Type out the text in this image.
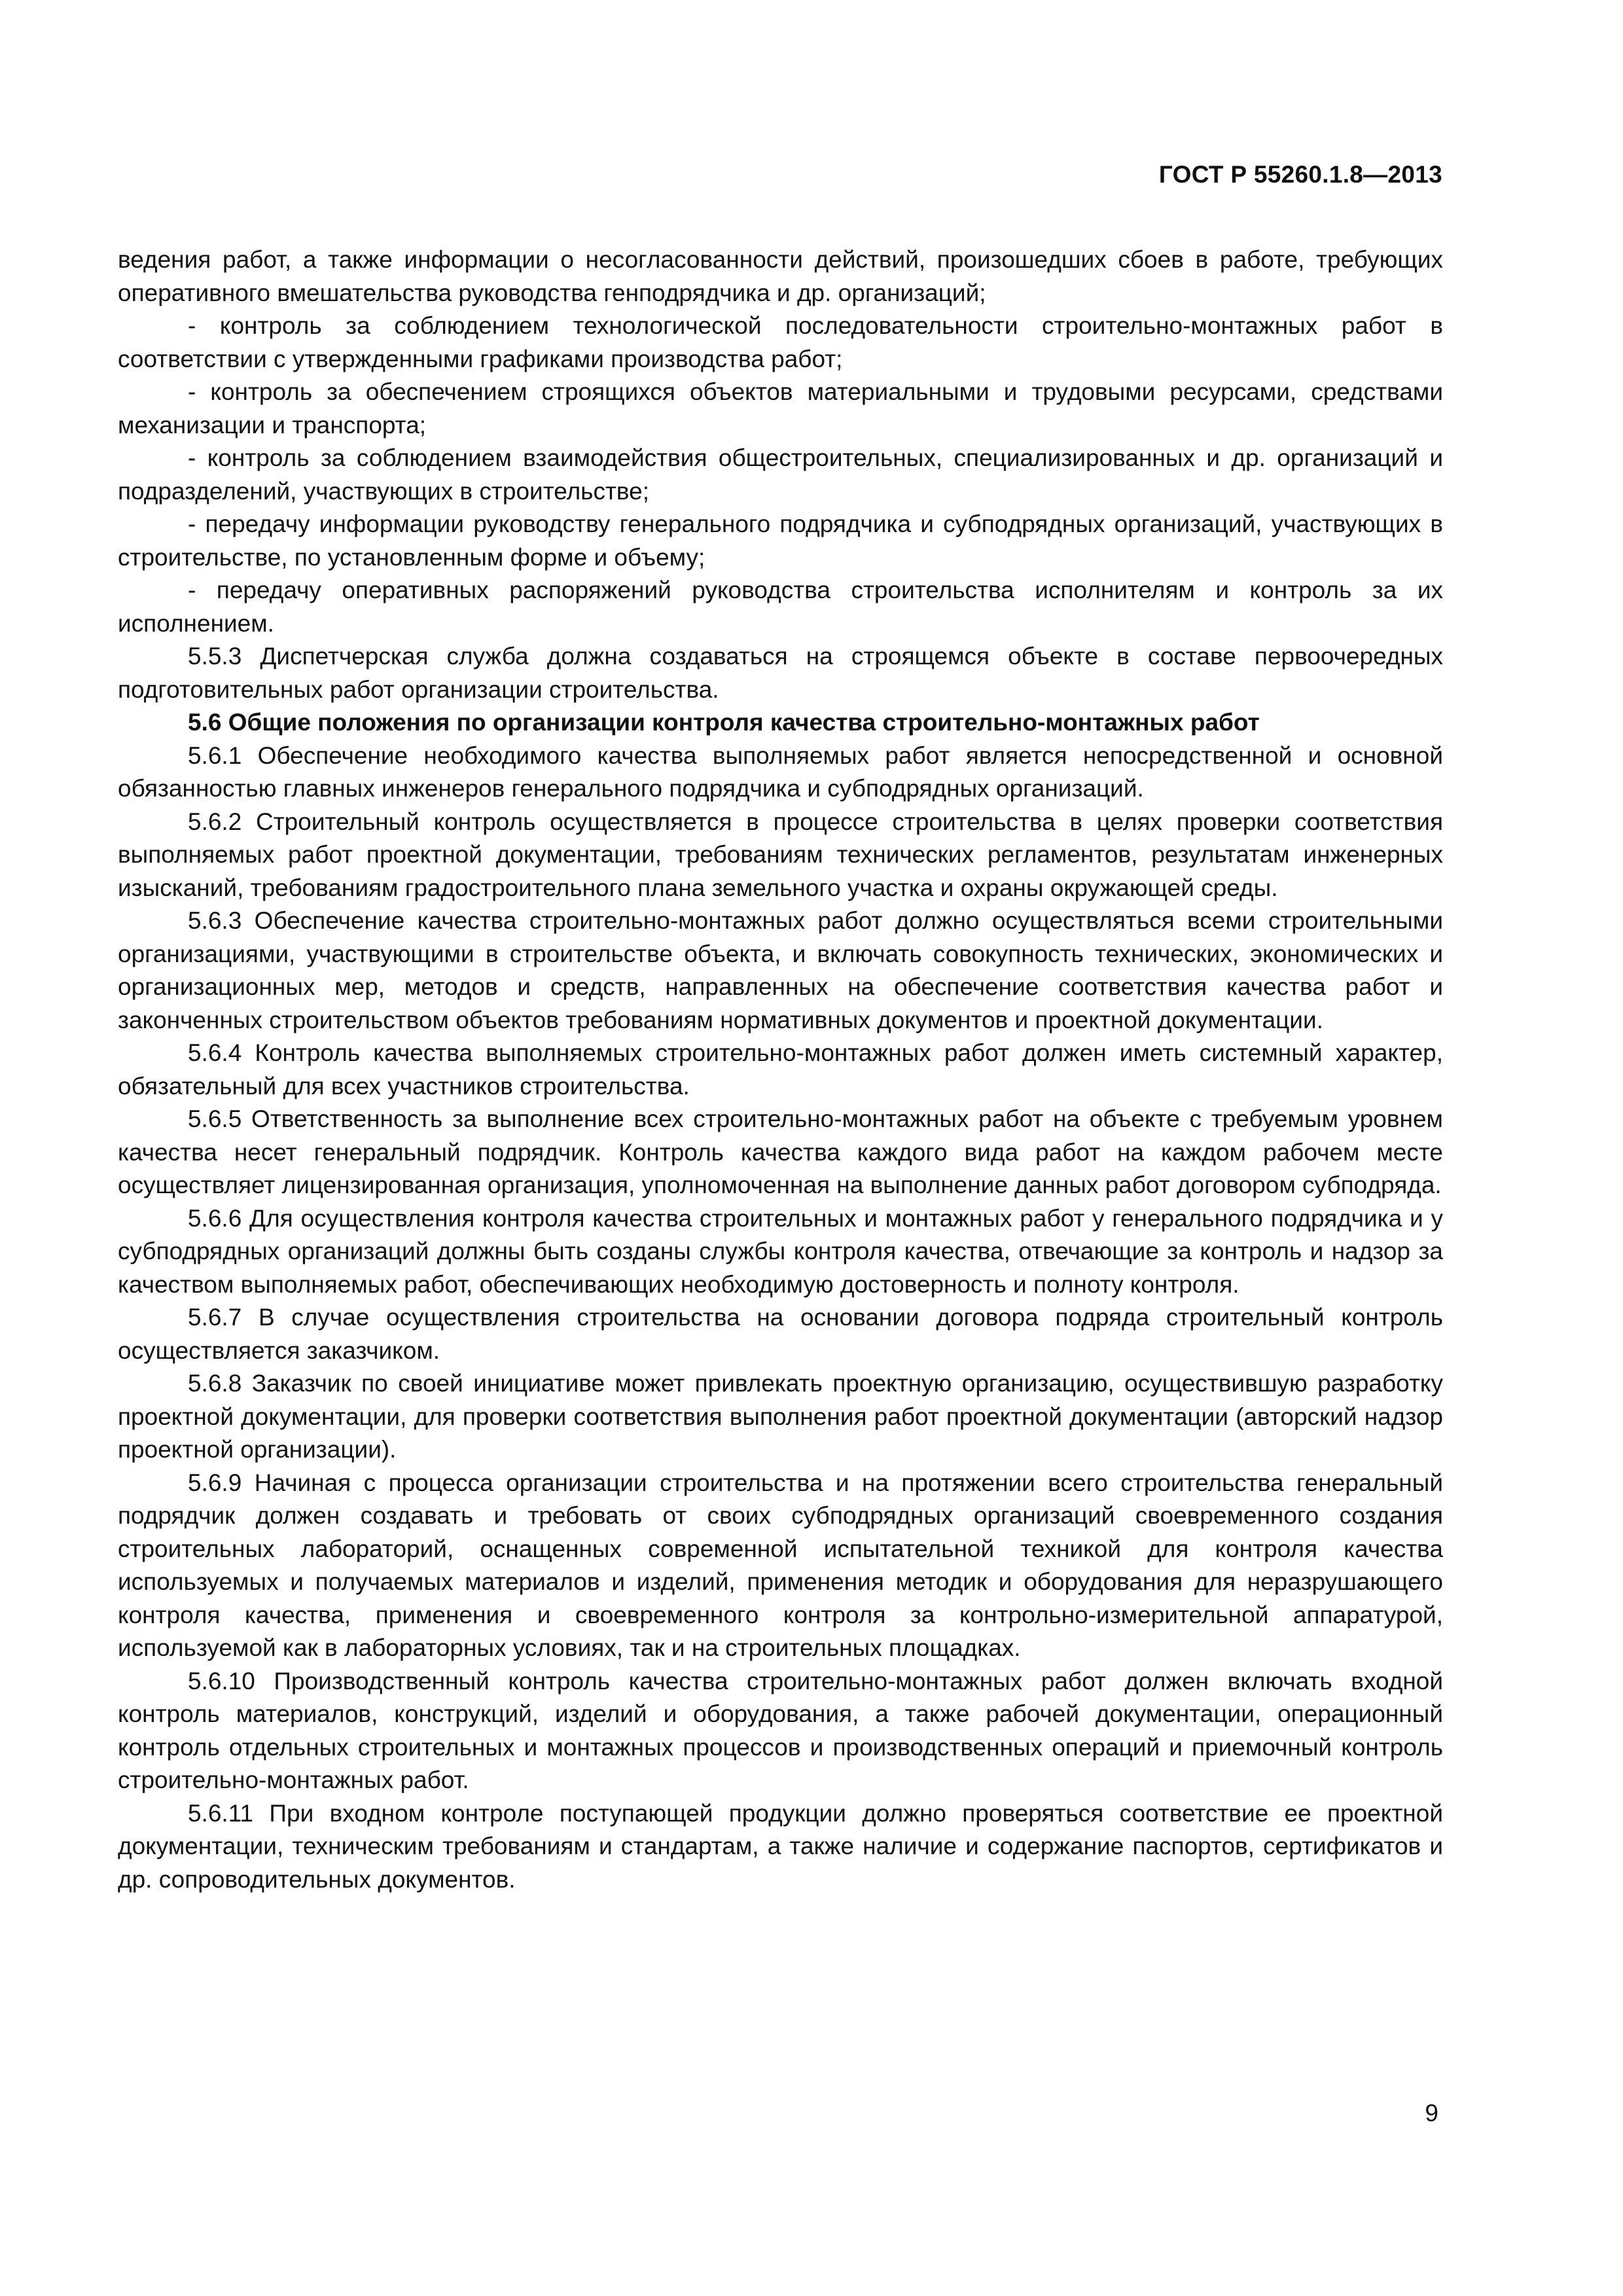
ГОСТ Р 55260.1.8—2013

ведения работ, а также информации о несогласованности действий, произошедших сбоев в работе, требующих оперативного вмешательства руководства генподрядчика и др. организаций;

- контроль за соблюдением технологической последовательности строительно-монтажных работ в соответствии с утвержденными графиками производства работ;

- контроль за обеспечением строящихся объектов материальными и трудовыми ресурсами, средствами механизации и транспорта;

- контроль за соблюдением взаимодействия общестроительных, специализированных и др. организаций и подразделений, участвующих в строительстве;

- передачу информации руководству генерального подрядчика и субподрядных организаций, участвующих в строительстве, по установленным форме и объему;

- передачу оперативных распоряжений руководства строительства исполнителям и контроль за их исполнением.

5.5.3 Диспетчерская служба должна создаваться на строящемся объекте в составе первоочередных подготовительных работ организации строительства.

5.6 Общие положения по организации контроля качества строительно-монтажных работ

5.6.1 Обеспечение необходимого качества выполняемых работ является непосредственной и основной обязанностью главных инженеров генерального подрядчика и субподрядных организаций.

5.6.2 Строительный контроль осуществляется в процессе строительства в целях проверки соответствия выполняемых работ проектной документации, требованиям технических регламентов, результатам инженерных изысканий, требованиям градостроительного плана земельного участка и охраны окружающей среды.

5.6.3 Обеспечение качества строительно-монтажных работ должно осуществляться всеми строительными организациями, участвующими в строительстве объекта, и включать совокупность технических, экономических и организационных мер, методов и средств, направленных на обеспечение соответствия качества работ и законченных строительством объектов требованиям нормативных документов и проектной документации.

5.6.4 Контроль качества выполняемых строительно-монтажных работ должен иметь системный характер, обязательный для всех участников строительства.

5.6.5 Ответственность за выполнение всех строительно-монтажных работ на объекте с требуемым уровнем качества несет генеральный подрядчик. Контроль качества каждого вида работ на каждом рабочем месте осуществляет лицензированная организация, уполномоченная на выполнение данных работ договором субподряда.

5.6.6 Для осуществления контроля качества строительных и монтажных работ у генерального подрядчика и у субподрядных организаций должны быть созданы службы контроля качества, отвечающие за контроль и надзор за качеством выполняемых работ, обеспечивающих необходимую достоверность и полноту контроля.

5.6.7 В случае осуществления строительства на основании договора подряда строительный контроль осуществляется заказчиком.

5.6.8 Заказчик по своей инициативе может привлекать проектную организацию, осуществившую разработку проектной документации, для проверки соответствия выполнения работ проектной документации (авторский надзор проектной организации).

5.6.9 Начиная с процесса организации строительства и на протяжении всего строительства генеральный подрядчик должен создавать и требовать от своих субподрядных организаций своевременного создания строительных лабораторий, оснащенных современной испытательной техникой для контроля качества используемых и получаемых материалов и изделий, применения методик и оборудования для неразрушающего контроля качества, применения и своевременного контроля за контрольно-измерительной аппаратурой, используемой как в лабораторных условиях, так и на строительных площадках.

5.6.10 Производственный контроль качества строительно-монтажных работ должен включать входной контроль материалов, конструкций, изделий и оборудования, а также рабочей документации, операционный контроль отдельных строительных и монтажных процессов и производственных операций и приемочный контроль строительно-монтажных работ.

5.6.11 При входном контроле поступающей продукции должно проверяться соответствие ее проектной документации, техническим требованиям и стандартам, а также наличие и содержание паспортов, сертификатов и др. сопроводительных документов.

9
